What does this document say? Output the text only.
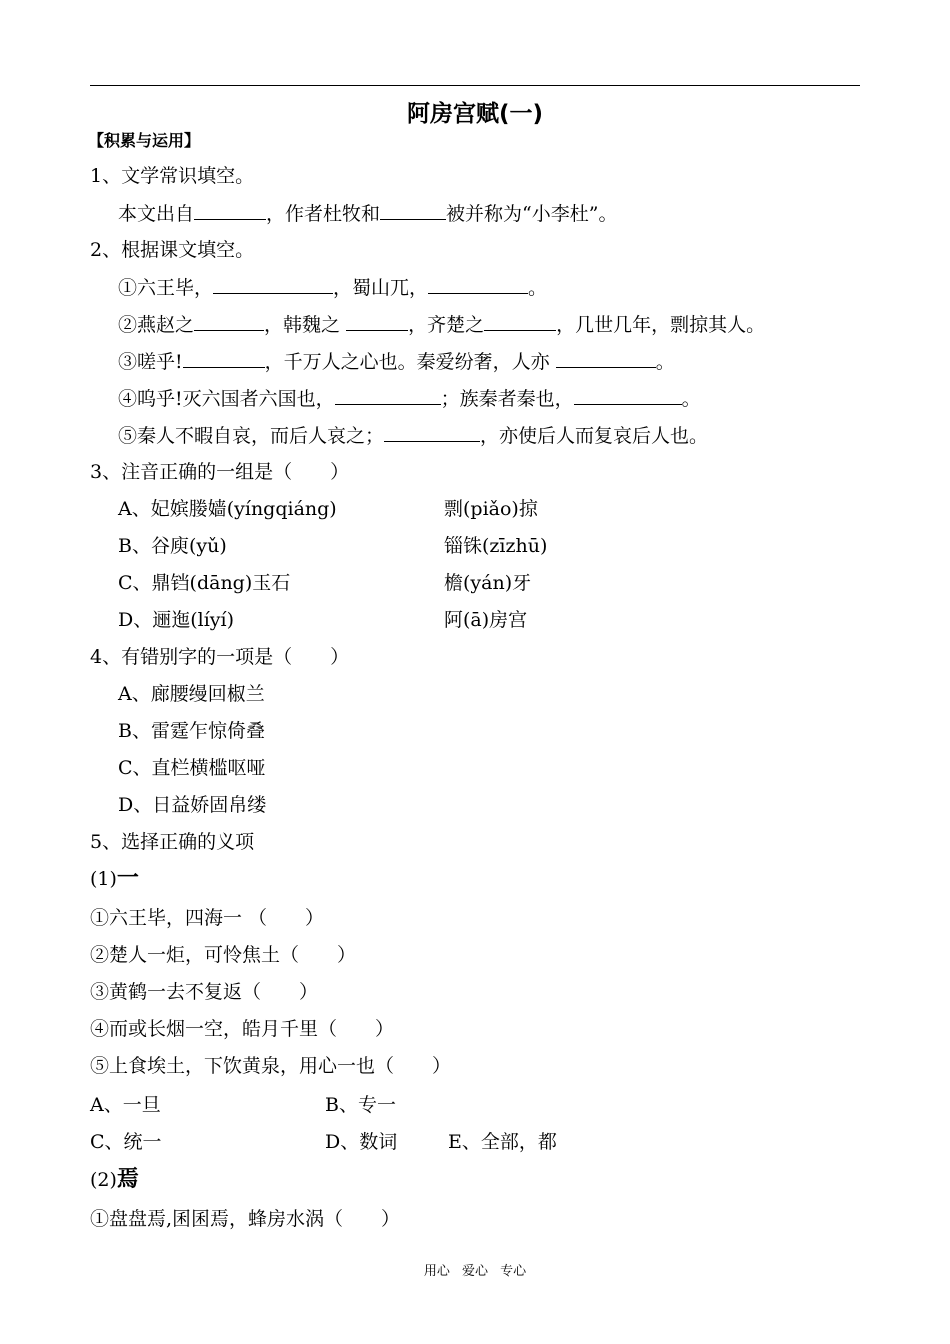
阿房宫赋(一)
【积累与运用】
1、文学常识填空。
本文出自	，作者杜牧和	被并称为“小李杜”。
2、根据课文填空。
①六王毕，	，蜀山兀，	。
②燕赵之	，韩魏之	，齐楚之	，几世几年，剽掠其人。
③嗟乎!	，千万人之心也。秦爱纷奢，人亦	。
④呜乎!灭六国者六国也，	；族秦者秦也，	。
⑤秦人不暇自哀，而后人哀之；	，亦使后人而复哀后人也。
3、注音正确的一组是（　　）
A、妃嫔媵嫱(yíngqiáng)	剽(piǎo)掠
B、谷庾(yǔ)	锱铢(zīzhū)
C、鼎铛(dāng)玉石	檐(yán)牙
D、逦迤(líyí)	阿(ā)房宫
4、有错别字的一项是（　　）
A、廊腰缦回椒兰
B、雷霆乍惊倚叠
C、直栏横槛呕哑
D、日益娇固帛缕
5、选择正确的义项
(1)一
①六王毕，四海一 （　　）
②楚人一炬，可怜焦土（　　）
③黄鹤一去不复返（　　）
④而或长烟一空，皓月千里（　　）
⑤上食埃土，下饮黄泉，用心一也（　　）
A、一旦	B、专一
C、统一	D、数词	E、全部，都
(2)焉
①盘盘焉,囷囷焉，蜂房水涡（　　）
用心 爱心 专心
